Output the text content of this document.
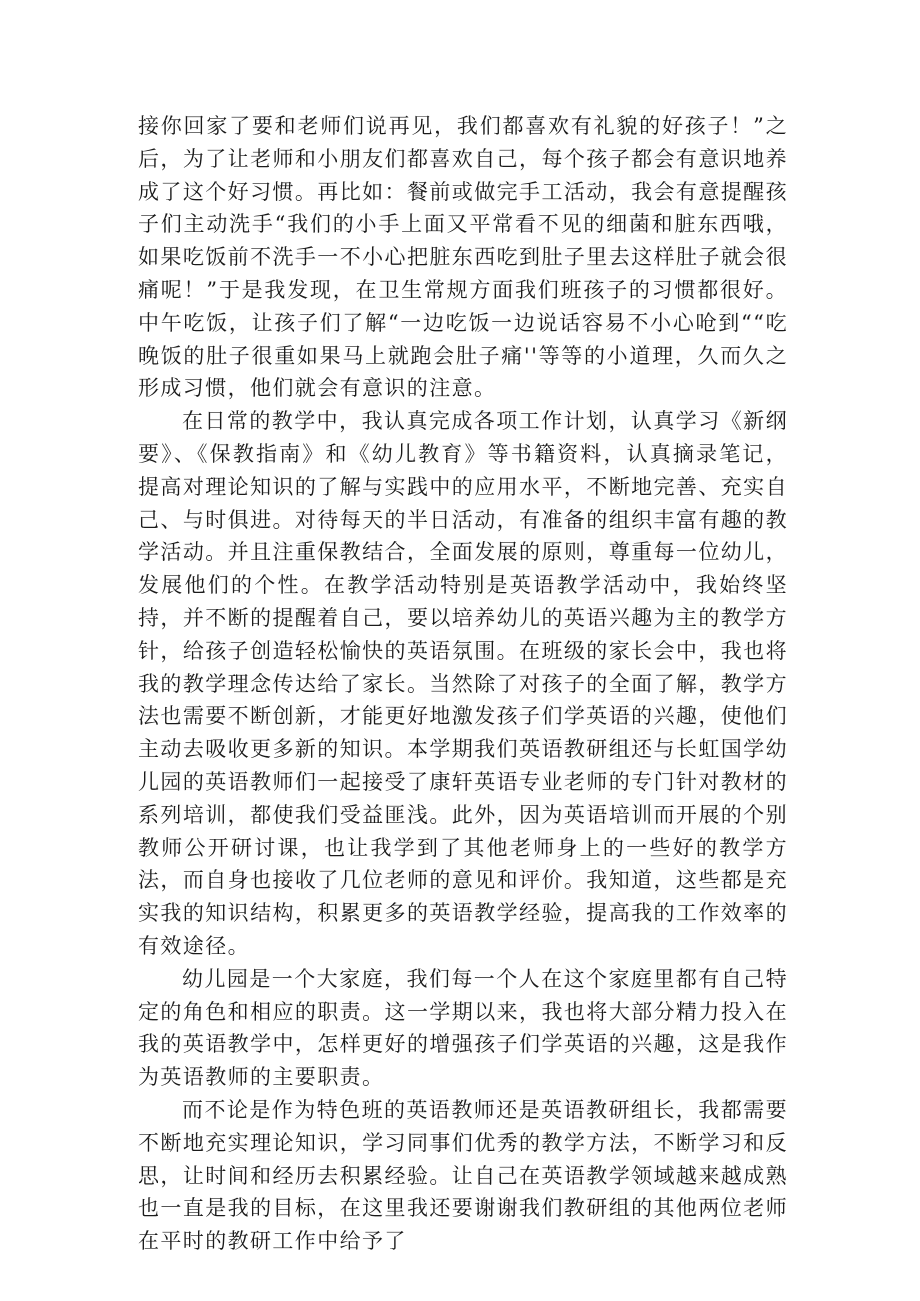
接你回家了要和老师们说再见，我们都喜欢有礼貌的好孩子！”之后，为了让老师和小朋友们都喜欢自己，每个孩子都会有意识地养成了这个好习惯。再比如：餐前或做完手工活动，我会有意提醒孩子们主动洗手“我们的小手上面又平常看不见的细菌和脏东西哦，如果吃饭前不洗手一不小心把脏东西吃到肚子里去这样肚子就会很痛呢！”于是我发现，在卫生常规方面我们班孩子的习惯都很好。中午吃饭，让孩子们了解“一边吃饭一边说话容易不小心呛到““吃晚饭的肚子很重如果马上就跑会肚子痛''等等的小道理，久而久之形成习惯，他们就会有意识的注意。

在日常的教学中，我认真完成各项工作计划，认真学习《新纲要》、《保教指南》和《幼儿教育》等书籍资料，认真摘录笔记，提高对理论知识的了解与实践中的应用水平，不断地完善、充实自己、与时俱进。对待每天的半日活动，有准备的组织丰富有趣的教学活动。并且注重保教结合，全面发展的原则，尊重每一位幼儿，发展他们的个性。在教学活动特别是英语教学活动中，我始终坚持，并不断的提醒着自己，要以培养幼儿的英语兴趣为主的教学方针，给孩子创造轻松愉快的英语氛围。在班级的家长会中，我也将我的教学理念传达给了家长。当然除了对孩子的全面了解，教学方法也需要不断创新，才能更好地激发孩子们学英语的兴趣，使他们主动去吸收更多新的知识。本学期我们英语教研组还与长虹国学幼儿园的英语教师们一起接受了康轩英语专业老师的专门针对教材的系列培训，都使我们受益匪浅。此外，因为英语培训而开展的个别教师公开研讨课，也让我学到了其他老师身上的一些好的教学方法，而自身也接收了几位老师的意见和评价。我知道，这些都是充实我的知识结构，积累更多的英语教学经验，提高我的工作效率的有效途径。

幼儿园是一个大家庭，我们每一个人在这个家庭里都有自己特定的角色和相应的职责。这一学期以来，我也将大部分精力投入在我的英语教学中，怎样更好的增强孩子们学英语的兴趣，这是我作为英语教师的主要职责。

而不论是作为特色班的英语教师还是英语教研组长，我都需要不断地充实理论知识，学习同事们优秀的教学方法，不断学习和反思，让时间和经历去积累经验。让自己在英语教学领域越来越成熟也一直是我的目标，在这里我还要谢谢我们教研组的其他两位老师在平时的教研工作中给予了
